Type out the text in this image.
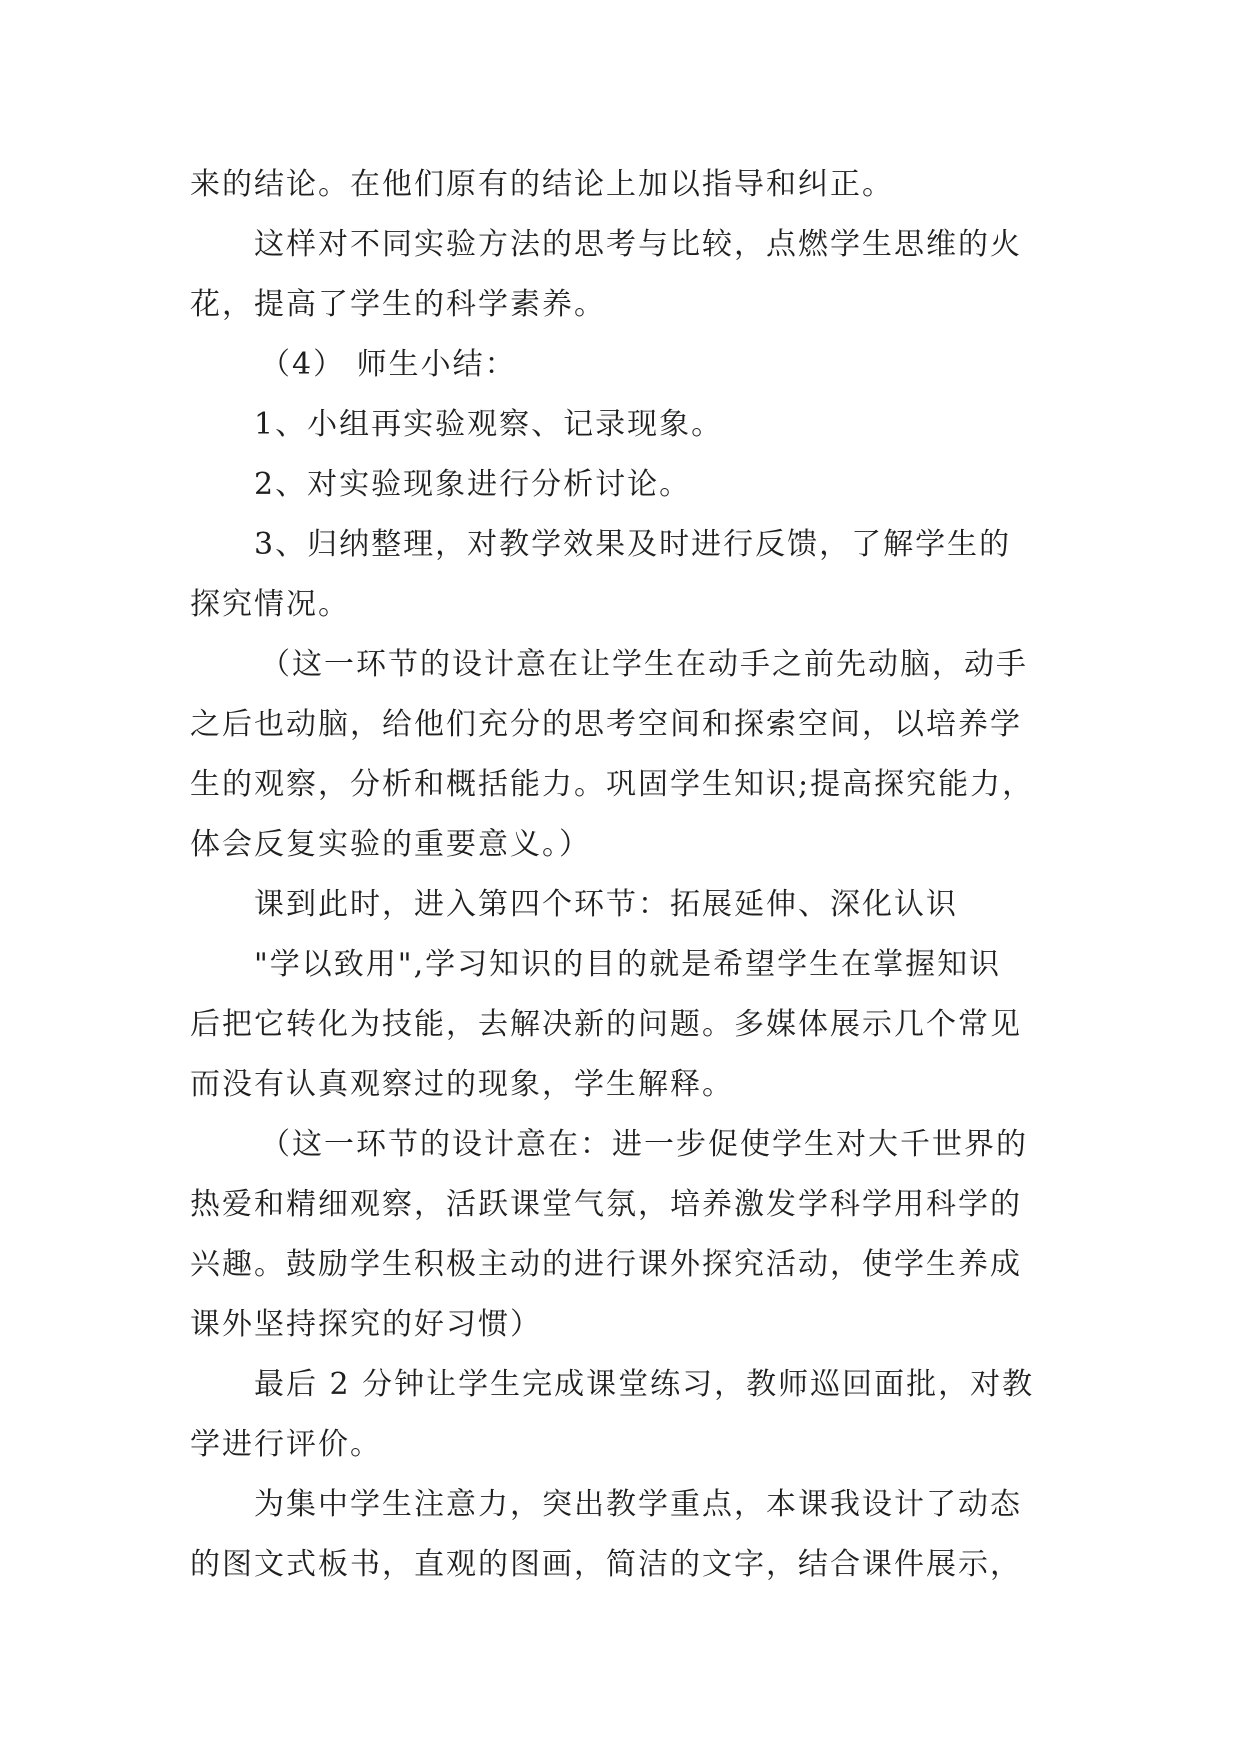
来的结论。在他们原有的结论上加以指导和纠正。
这样对不同实验方法的思考与比较，点燃学生思维的火
花，提高了学生的科学素养。
（4） 师生小结：
1、小组再实验观察、记录现象。
2、对实验现象进行分析讨论。
3、归纳整理，对教学效果及时进行反馈，了解学生的
探究情况。
（这一环节的设计意在让学生在动手之前先动脑，动手
之后也动脑，给他们充分的思考空间和探索空间，以培养学
生的观察，分析和概括能力。巩固学生知识;提高探究能力，
体会反复实验的重要意义。）
课到此时，进入第四个环节：拓展延伸、深化认识
"学以致用",学习知识的目的就是希望学生在掌握知识
后把它转化为技能，去解决新的问题。多媒体展示几个常见
而没有认真观察过的现象，学生解释。
（这一环节的设计意在：进一步促使学生对大千世界的
热爱和精细观察，活跃课堂气氛，培养激发学科学用科学的
兴趣。鼓励学生积极主动的进行课外探究活动，使学生养成
课外坚持探究的好习惯）
最后 2 分钟让学生完成课堂练习，教师巡回面批，对教
学进行评价。
为集中学生注意力，突出教学重点，本课我设计了动态
的图文式板书，直观的图画，简洁的文字，结合课件展示，
